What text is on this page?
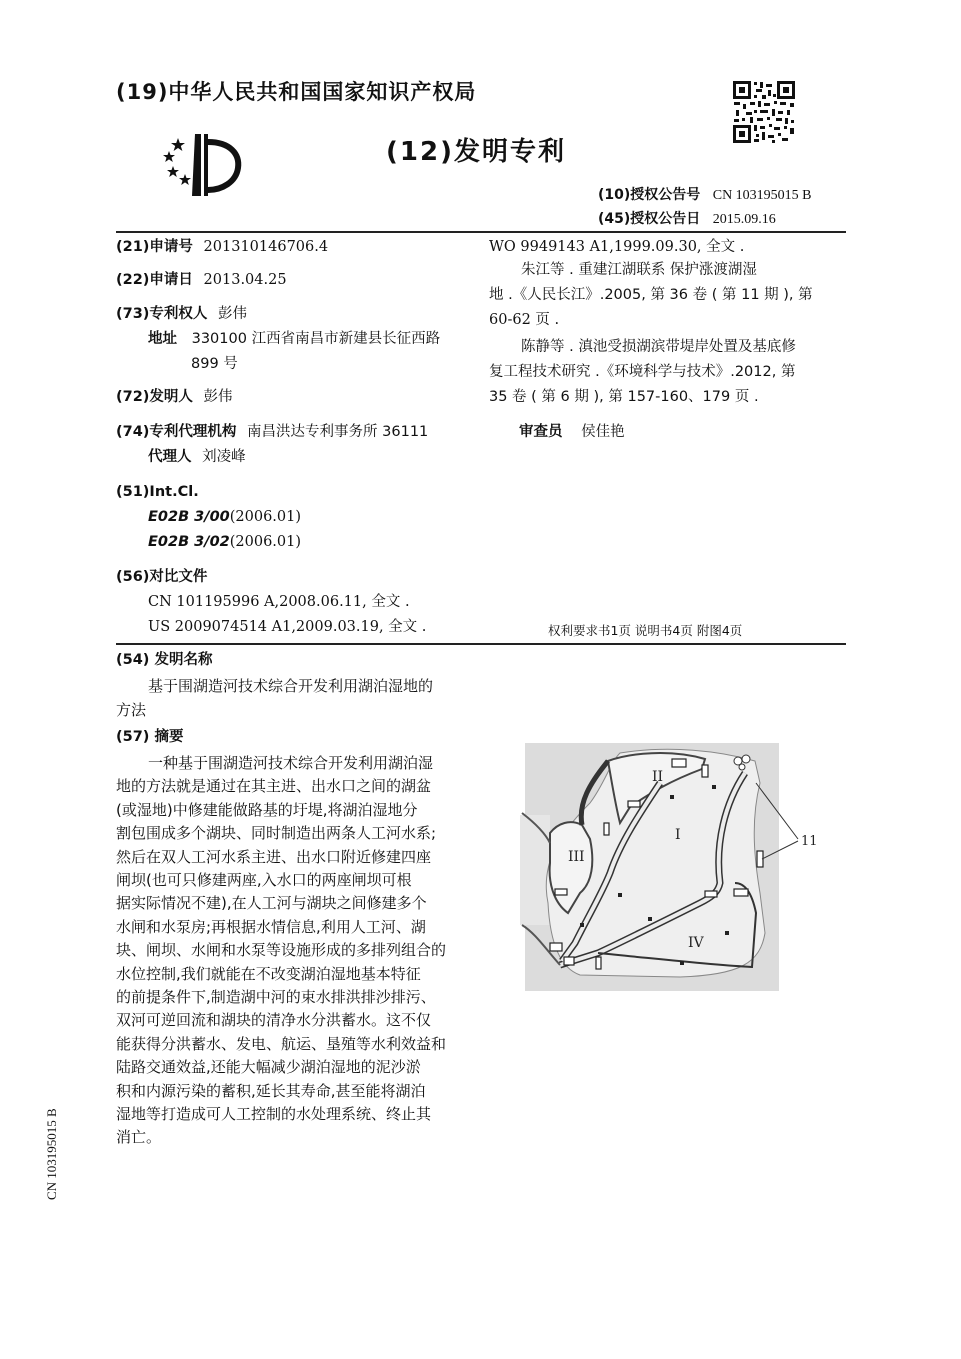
(19)中华人民共和国国家知识产权局
(12)发明专利
(10)授权公告号 CN 103195015 B
(45)授权公告日 2015.09.16
(21)申请号 201310146706.4
(22)申请日 2013.04.25
(73)专利权人 彭伟
地址 330100 江西省南昌市新建县长征西路
899 号
(72)发明人 彭伟
(74)专利代理机构 南昌洪达专利事务所 36111
代理人 刘凌峰
(51)Int.Cl.
E02B 3/00(2006.01)
E02B 3/02(2006.01)
(56)对比文件
CN 101195996 A,2008.06.11, 全文 .
US 2009074514 A1,2009.03.19, 全文 .
WO 9949143 A1,1999.09.30, 全文 .
朱江等 . 重建江湖联系 保护涨渡湖湿
地 .《人民长江》.2005, 第 36 卷 ( 第 11 期 ), 第
60-62 页 .
陈静等 . 滇池受损湖滨带堤岸处置及基底修
复工程技术研究 .《环境科学与技术》.2012, 第
35 卷 ( 第 6 期 ), 第 157-160、179 页 .
审查员 侯佳艳
权利要求书1页 说明书4页 附图4页
(54) 发明名称
基于围湖造河技术综合开发利用湖泊湿地的
方法
(57) 摘要
一种基于围湖造河技术综合开发利用湖泊湿
地的方法就是通过在其主进、出水口之间的湖盆
(或湿地)中修建能做路基的圩堤,将湖泊湿地分
割包围成多个湖块、同时制造出两条人工河水系;
然后在双人工河水系主进、出水口附近修建四座
闸坝(也可只修建两座,入水口的两座闸坝可根
据实际情况不建),在人工河与湖块之间修建多个
水闸和水泵房;再根据水情信息,利用人工河、湖
块、闸坝、水闸和水泵等设施形成的多排列组合的
水位控制,我们就能在不改变湖泊湿地基本特征
的前提条件下,制造湖中河的束水排洪排沙排污、
双河可逆回流和湖块的清净水分洪蓄水。这不仅
能获得分洪蓄水、发电、航运、垦殖等水利效益和
陆路交通效益,还能大幅减少湖泊湿地的泥沙淤
积和内源污染的蓄积,延长其寿命,甚至能将湖泊
湿地等打造成可人工控制的水处理系统、终止其
消亡。
II
I
III
IV
11
CN 103195015 B
